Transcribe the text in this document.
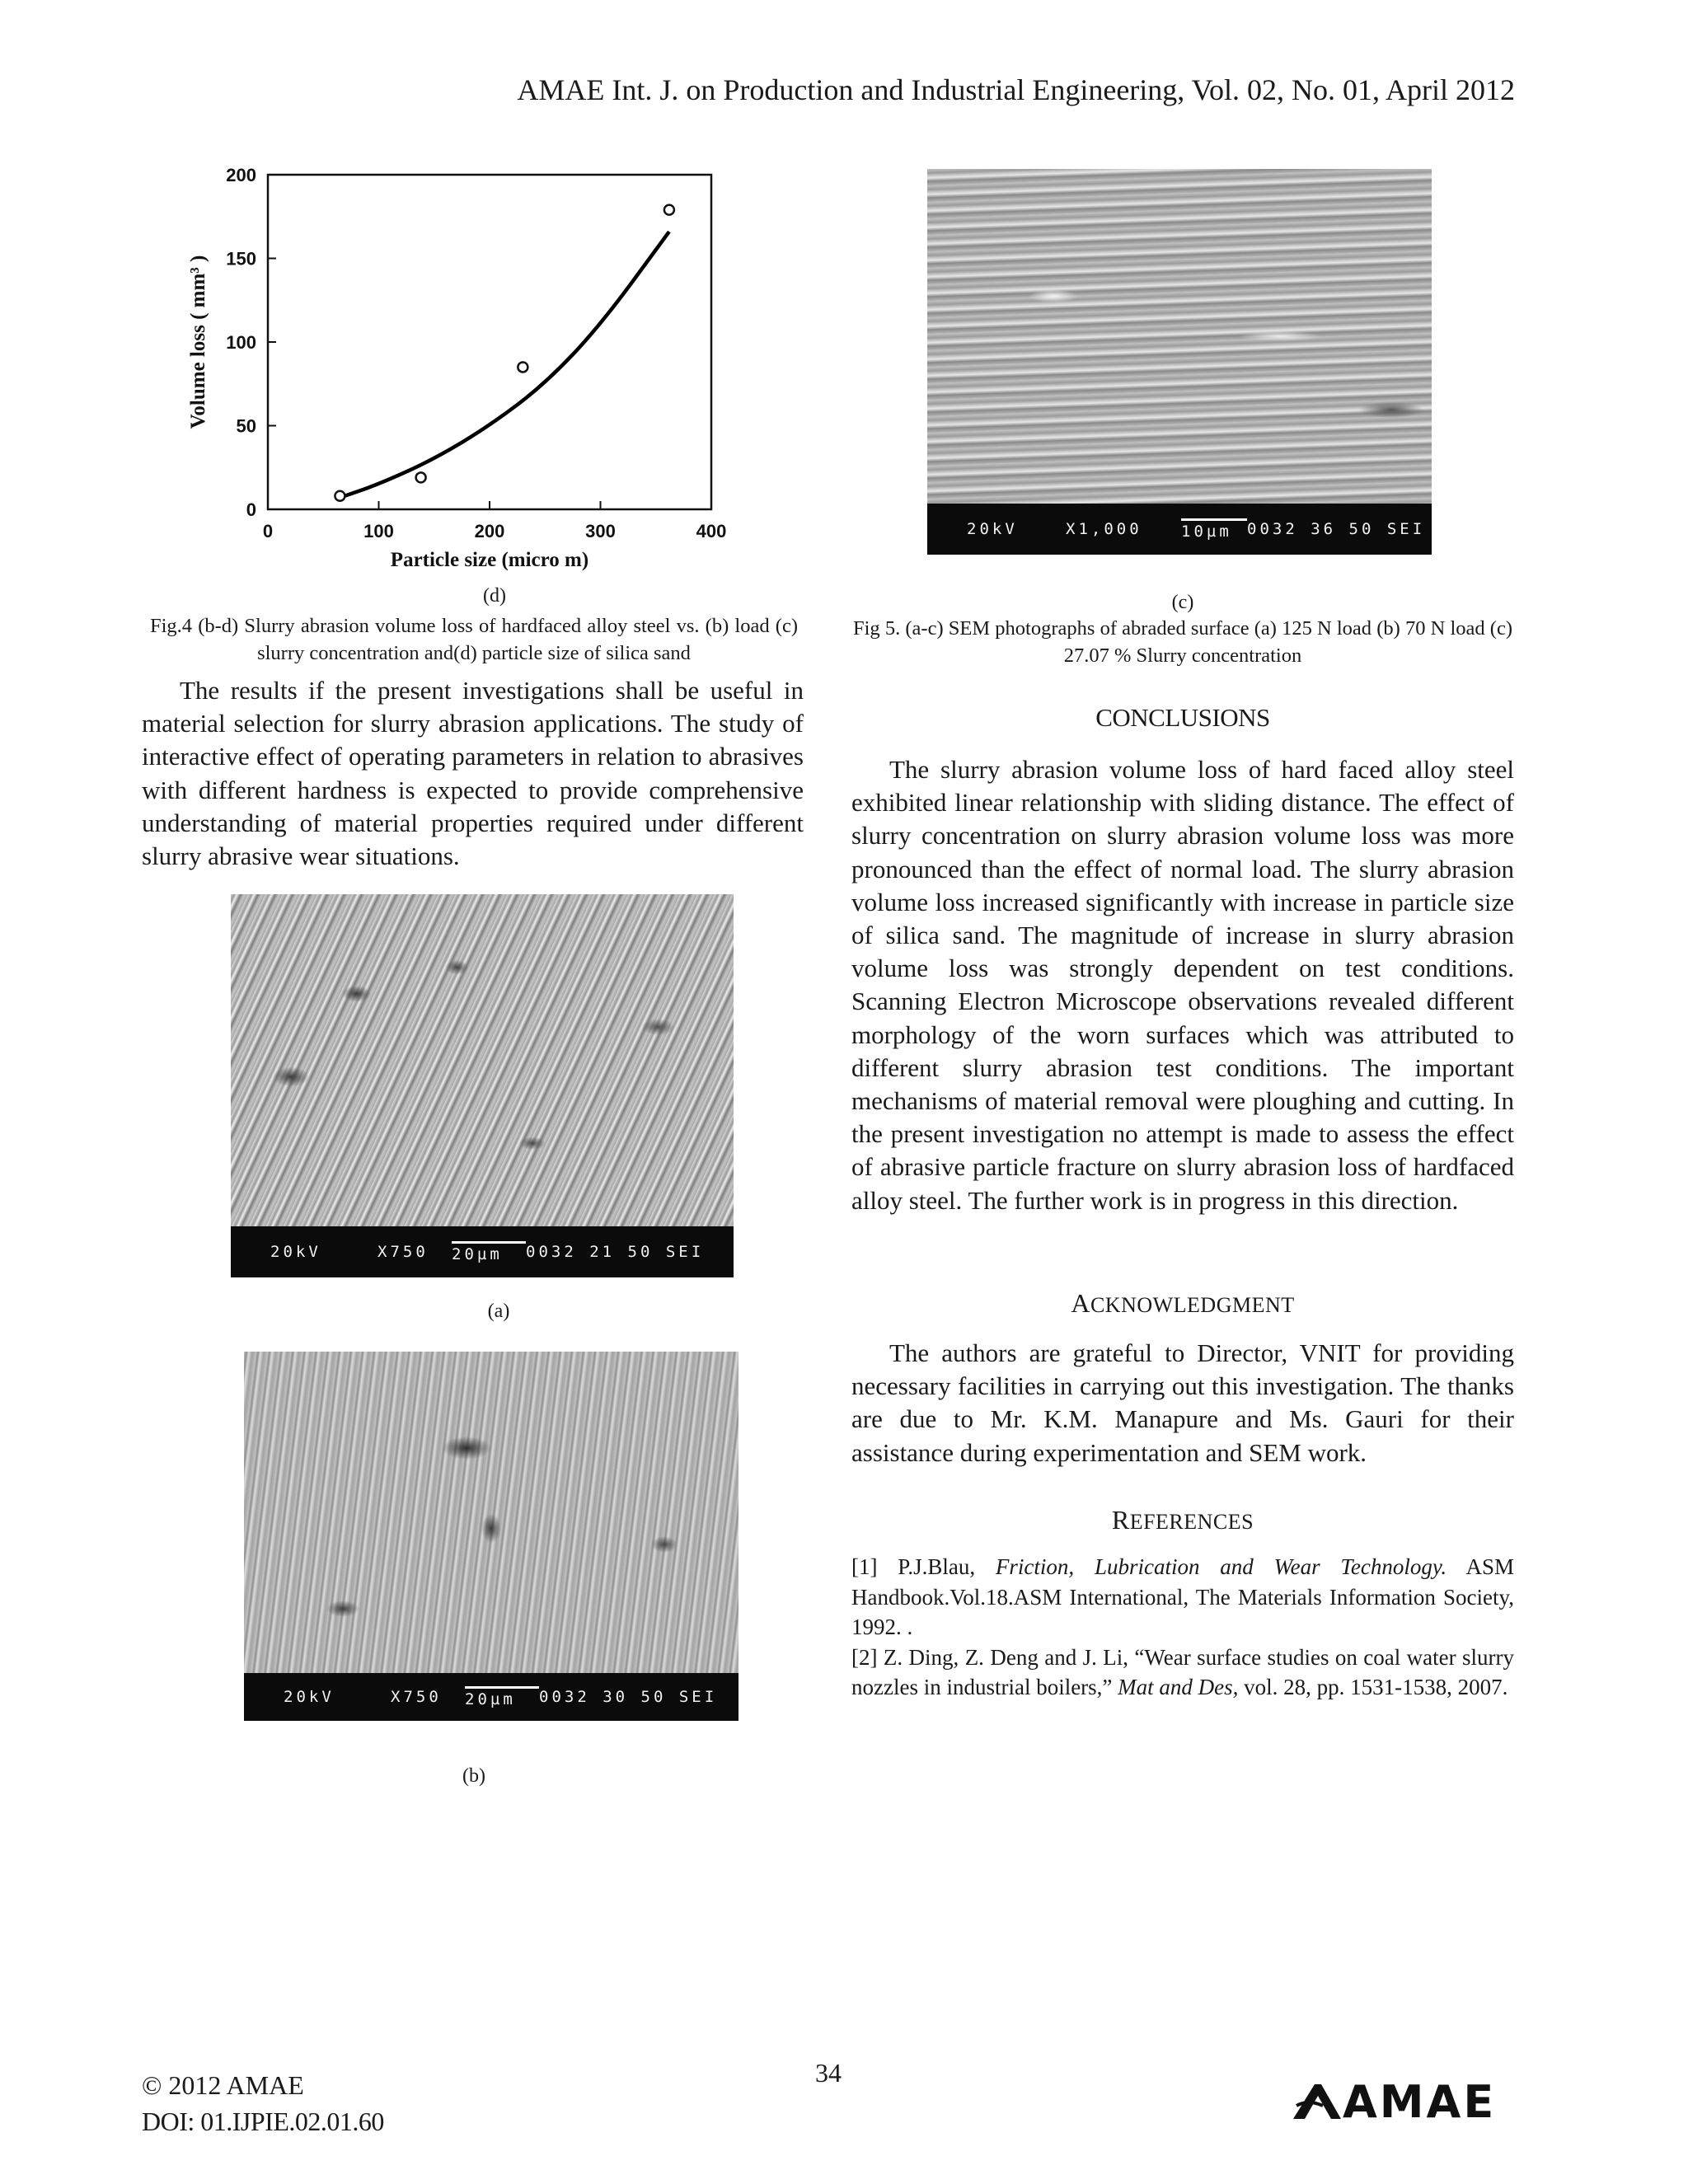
AMAE Int. J. on Production and Industrial Engineering, Vol. 02, No. 01, April 2012
0
50
100
150
200
0	100	200	300	400
Particle size (micro m)
Volume loss ( mm³ )
(d)
Fig.4 (b-d) Slurry abrasion volume loss of hardfaced alloy steel vs. (b) load (c) slurry concentration and(d) particle size of silica sand

The results if the present investigations shall be useful in material selection for slurry abrasion applications. The study of interactive effect of operating parameters in relation to abrasives with different hardness is expected to provide comprehensive understanding of material properties required under different slurry abrasive wear situations.

20kV	X750	20µm	0032 21 50 SEI
(a)
20kV	X750	20µm	0032 30 50 SEI
(b)
20kV	X1,000	10µm 0032 36 50 SEI
(c)
Fig 5. (a-c) SEM photographs of abraded surface (a) 125 N load (b) 70 N load (c) 27.07 % Slurry concentration
CONCLUSIONS

The slurry abrasion volume loss of hard faced alloy steel exhibited linear relationship with sliding distance. The effect of slurry concentration on slurry abrasion volume loss was more pronounced than the effect of normal load. The slurry abrasion volume loss increased significantly with increase in particle size of silica sand. The magnitude of increase in slurry abrasion volume loss was strongly dependent on test conditions. Scanning Electron Microscope observations revealed different morphology of the worn surfaces which was attributed to different slurry abrasion test conditions. The important mechanisms of material removal were ploughing and cutting. In the present investigation no attempt is made to assess the effect of abrasive particle fracture on slurry abrasion loss of hardfaced alloy steel. The further work is in progress in this direction.

ACKNOWLEDGMENT

The authors are grateful to Director, VNIT for providing necessary facilities in carrying out this investigation. The thanks are due to Mr. K.M. Manapure and Ms. Gauri for their assistance during experimentation and SEM work.

REFERENCES

[1] P.J.Blau, Friction, Lubrication and Wear Technology. ASM Handbook.Vol.18.ASM International, The Materials Information Society, 1992. .

[2] Z. Ding, Z. Deng and J. Li, “Wear surface studies on coal water slurry nozzles in industrial boilers,” Mat and Des, vol. 28, pp. 1531-1538, 2007.

© 2012 AMAE
DOI: 01.IJPIE.02.01.60
34
AMAE
